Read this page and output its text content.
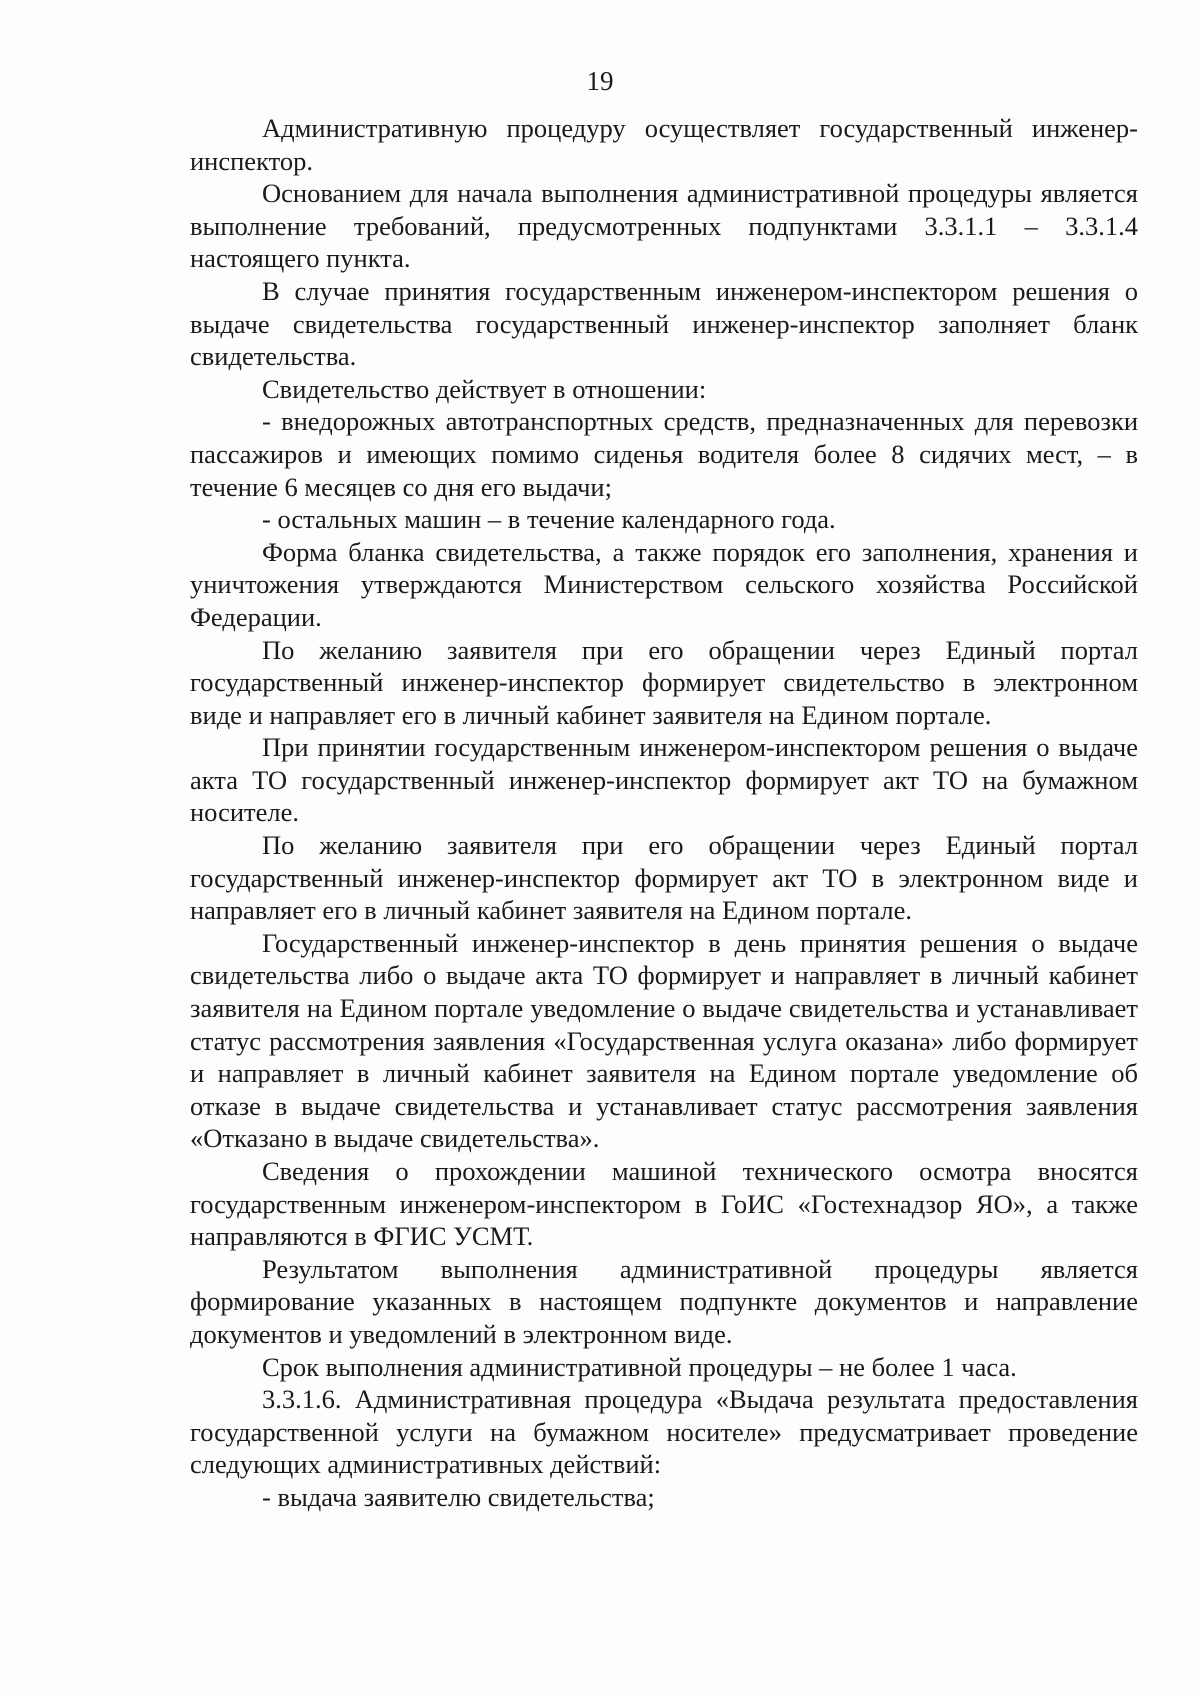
19

Административную процедуру осуществляет государственный инженер-инспектор.

Основанием для начала выполнения административной процедуры является выполнение требований, предусмотренных подпунктами 3.3.1.1 – 3.3.1.4 настоящего пункта.

В случае принятия государственным инженером-инспектором решения о выдаче свидетельства государственный инженер-инспектор заполняет бланк свидетельства.

Свидетельство действует в отношении:

- внедорожных автотранспортных средств, предназначенных для перевозки пассажиров и имеющих помимо сиденья водителя более 8 сидячих мест, – в течение 6 месяцев со дня его выдачи;

- остальных машин – в течение календарного года.

Форма бланка свидетельства, а также порядок его заполнения, хранения и уничтожения утверждаются Министерством сельского хозяйства Российской Федерации.

По желанию заявителя при его обращении через Единый портал государственный инженер-инспектор формирует свидетельство в электронном виде и направляет его в личный кабинет заявителя на Едином портале.

При принятии государственным инженером-инспектором решения о выдаче акта ТО государственный инженер-инспектор формирует акт ТО на бумажном носителе.

По желанию заявителя при его обращении через Единый портал государственный инженер-инспектор формирует акт ТО в электронном виде и направляет его в личный кабинет заявителя на Едином портале.

Государственный инженер-инспектор в день принятия решения о выдаче свидетельства либо о выдаче акта ТО формирует и направляет в личный кабинет заявителя на Едином портале уведомление о выдаче свидетельства и устанавливает статус рассмотрения заявления «Государственная услуга оказана» либо формирует и направляет в личный кабинет заявителя на Едином портале уведомление об отказе в выдаче свидетельства и устанавливает статус рассмотрения заявления «Отказано в выдаче свидетельства».

Сведения о прохождении машиной технического осмотра вносятся государственным инженером-инспектором в ГоИС «Гостехнадзор ЯО», а также направляются в ФГИС УСМТ.

Результатом выполнения административной процедуры является формирование указанных в настоящем подпункте документов и направление документов и уведомлений в электронном виде.

Срок выполнения административной процедуры – не более 1 часа.

3.3.1.6. Административная процедура «Выдача результата предоставления государственной услуги на бумажном носителе» предусматривает проведение следующих административных действий:

- выдача заявителю свидетельства;
